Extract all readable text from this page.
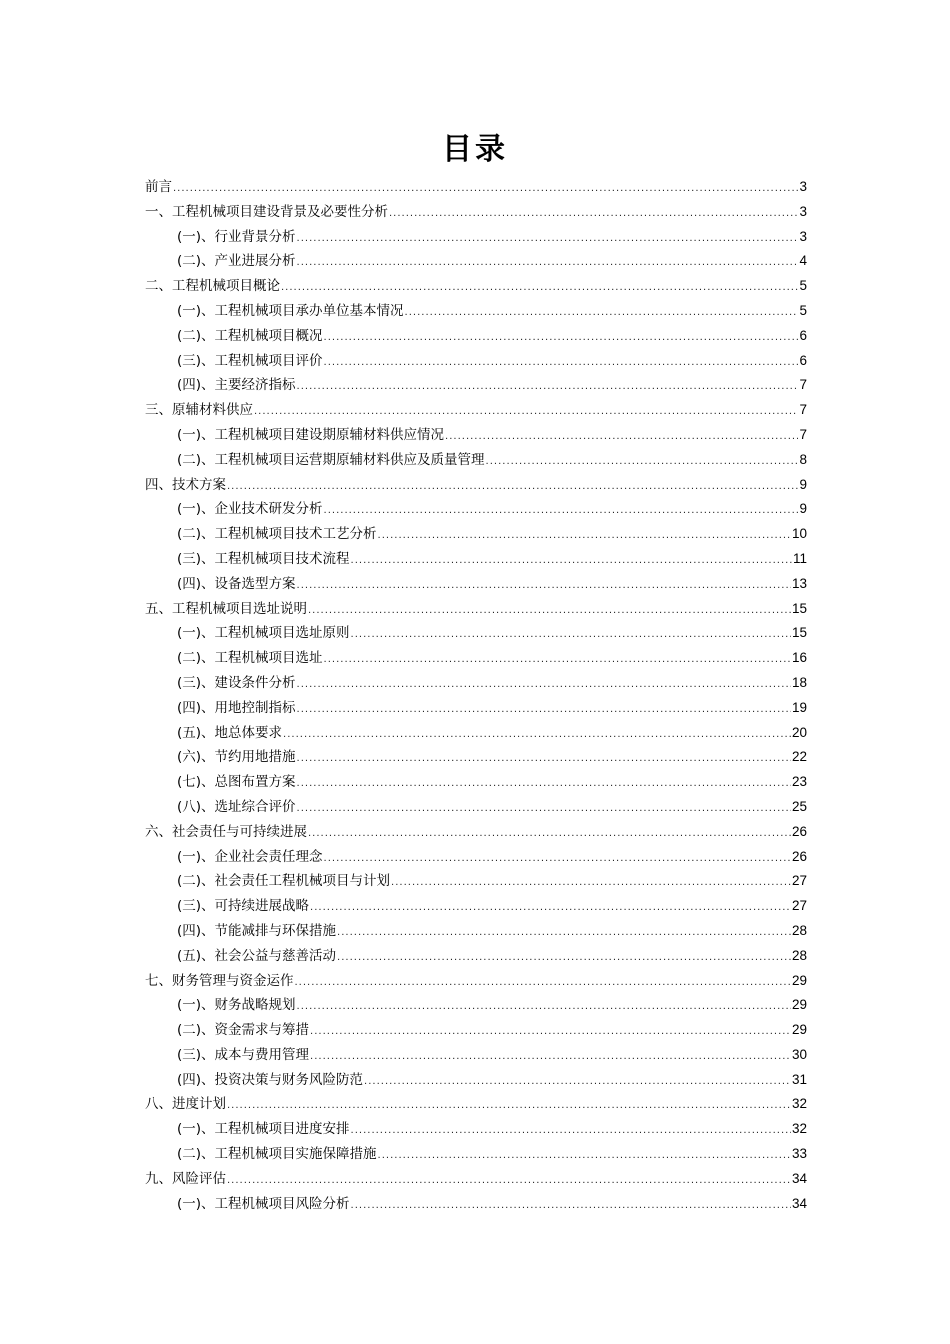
目录
前言 .....	3
一、工程机械项目建设背景及必要性分析 .....	3
(一)、行业背景分析 .....	3
(二)、产业进展分析 .....	4
二、工程机械项目概论 .....	5
(一)、工程机械项目承办单位基本情况 .....	5
(二)、工程机械项目概况 .....	6
(三)、工程机械项目评价 .....	6
(四)、主要经济指标 .....	7
三、原辅材料供应 .....	7
(一)、工程机械项目建设期原辅材料供应情况 .....	7
(二)、工程机械项目运营期原辅材料供应及质量管理 .....	8
四、技术方案 .....	9
(一)、企业技术研发分析 .....	9
(二)、工程机械项目技术工艺分析 .....	10
(三)、工程机械项目技术流程 .....	11
(四)、设备选型方案 .....	13
五、工程机械项目选址说明 .....	15
(一)、工程机械项目选址原则 .....	15
(二)、工程机械项目选址 .....	16
(三)、建设条件分析 .....	18
(四)、用地控制指标 .....	19
(五)、地总体要求 .....	20
(六)、节约用地措施 .....	22
(七)、总图布置方案 .....	23
(八)、选址综合评价 .....	25
六、社会责任与可持续进展 .....	26
(一)、企业社会责任理念 .....	26
(二)、社会责任工程机械项目与计划 .....	27
(三)、可持续进展战略 .....	27
(四)、节能减排与环保措施 .....	28
(五)、社会公益与慈善活动 .....	28
七、财务管理与资金运作 .....	29
(一)、财务战略规划 .....	29
(二)、资金需求与筹措 .....	29
(三)、成本与费用管理 .....	30
(四)、投资决策与财务风险防范 .....	31
八、进度计划 .....	32
(一)、工程机械项目进度安排 .....	32
(二)、工程机械项目实施保障措施 .....	33
九、风险评估 .....	34
(一)、工程机械项目风险分析 .....	34
